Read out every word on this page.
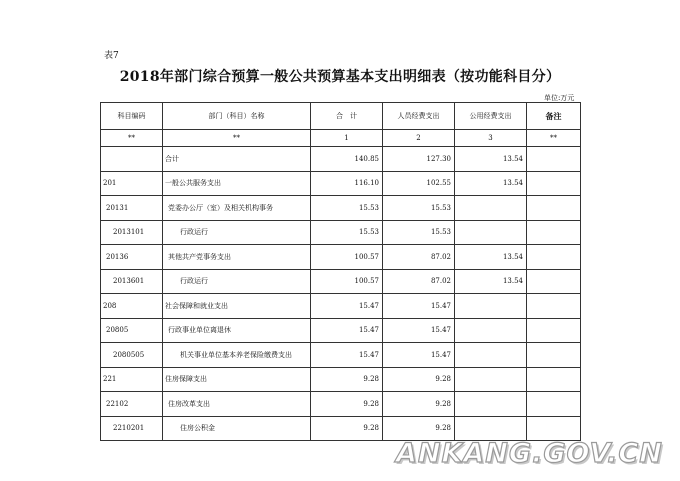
表7
2018年部门综合预算一般公共预算基本支出明细表（按功能科目分）
单位:万元
科目编码	部门（科目）名称	合　计	人员经费支出	公用经费支出	备注
**	**	1	2	3	**
	合计	140.85	127.30	13.54	
201	一般公共服务支出	116.10	102.55	13.54	
20131	党委办公厅（室）及相关机构事务	15.53	15.53		
2013101	行政运行	15.53	15.53		
20136	其他共产党事务支出	100.57	87.02	13.54	
2013601	行政运行	100.57	87.02	13.54	
208	社会保障和就业支出	15.47	15.47		
20805	行政事业单位离退休	15.47	15.47		
2080505	机关事业单位基本养老保险缴费支出	15.47	15.47		
221	住房保障支出	9.28	9.28		
22102	住房改革支出	9.28	9.28		
2210201	住房公积金	9.28	9.28		
ANKANG.GOV.CN
